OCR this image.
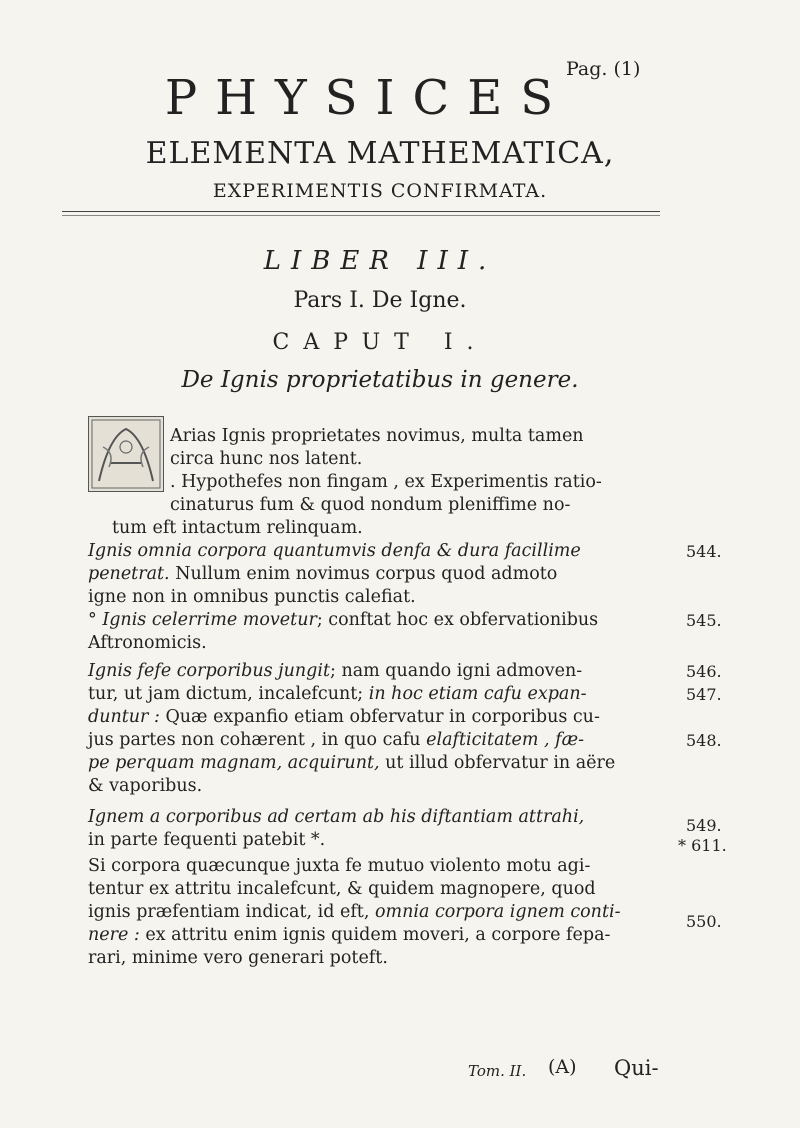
Pag. (1)
PHYSICES
ELEMENTA MATHEMATICA,
EXPERIMENTIS CONFIRMATA.
LIBER III.
Pars I. De Igne.
CAPUT I.
De Ignis proprietatibus in genere.
Arias Ignis proprietates novimus, multa tamen
circa hunc nos latent.
. Hypothefes non fingam , ex Experimentis ratio-
cinaturus fum & quod nondum pleniffime no-
tum eft intactum relinquam.
Ignis omnia corpora quantumvis denfa & dura facillime	544.
penetrat. Nullum enim novimus corpus quod admoto
igne non in omnibus punctis calefiat.
° Ignis celerrime movetur; conftat hoc ex obfervationibus	545.
Aftronomicis.
Ignis fefe corporibus jungit; nam quando igni admoven-	546.
tur, ut jam dictum, incalefcunt; in hoc etiam cafu expan-	547.
duntur : Quæ expanfio etiam obfervatur in corporibus cu-
jus partes non cohærent , in quo cafu elafticitatem , fæ-	548.
pe perquam magnam, acquirunt, ut illud obfervatur in aëre
& vaporibus.
Ignem a corporibus ad certam ab his diftantiam attrahi,	549.
in parte fequenti patebit *.	* 611.
Si corpora quæcunque juxta fe mutuo violento motu agi-
tentur ex attritu incalefcunt, & quidem magnopere, quod
ignis præfentiam indicat, id eft, omnia corpora ignem conti-	550.
nere : ex attritu enim ignis quidem moveri, a corpore fepa-
rari, minime vero generari poteft.
Tom. II. (A) Qui-
